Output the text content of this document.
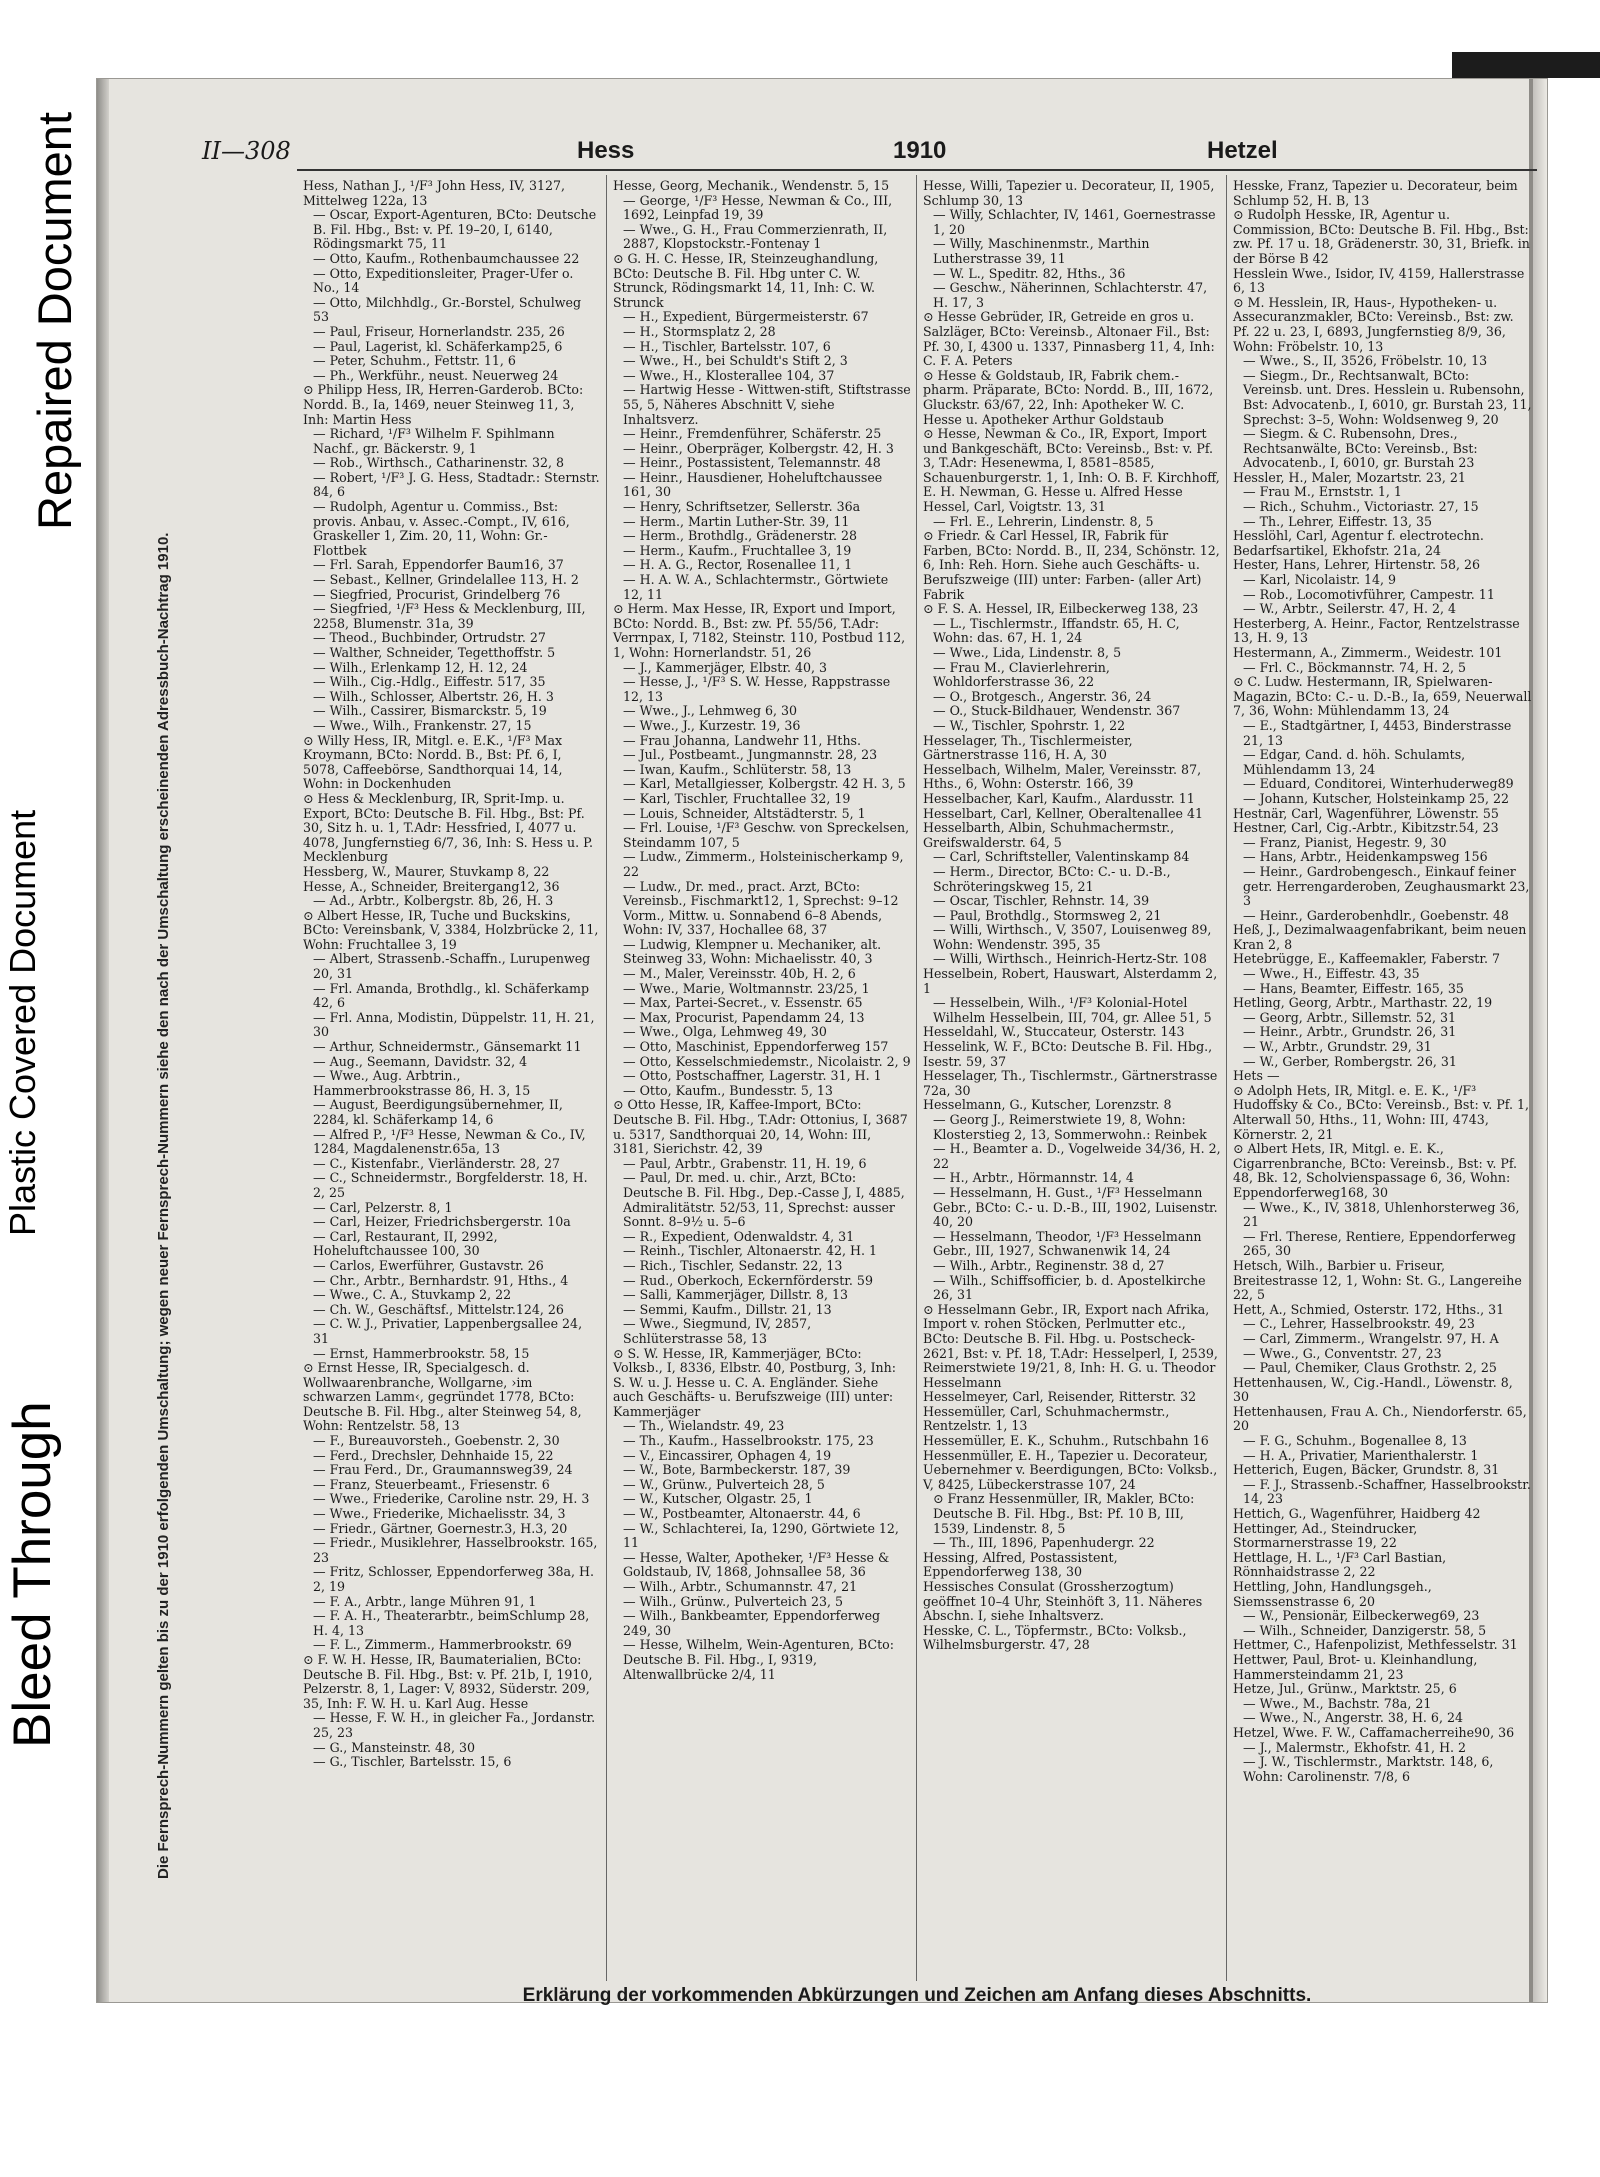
Repaired Document
Plastic Covered Document
Bleed Through	Die Fernsprech-Nummern gelten bis zu der 1910 erfolgenden Umschaltung; wegen neuer Fernsprech-Nummern siehe den nach der Umschaltung erscheinenden Adressbuch-Nachtrag 1910.
II—308	Hess	1910	Hetzel

Hess, Nathan J., ¹/F³ John Hess, IV, 3127, Mittelweg 122a, 13

— Oscar, Export-Agenturen, BCto: Deutsche B. Fil. Hbg., Bst: v. Pf. 19–20, I, 6140, Rödingsmarkt 75, 11

— Otto, Kaufm., Rothenbaumchaussee 22

— Otto, Expeditionsleiter, Prager-Ufer o. No., 14

— Otto, Milchhdlg., Gr.-Borstel, Schulweg 53

— Paul, Friseur, Hornerlandstr. 235, 26

— Paul, Lagerist, kl. Schäferkamp25, 6

— Peter, Schuhm., Fettstr. 11, 6

— Ph., Werkführ., neust. Neuerweg 24

⊙ Philipp Hess, IR, Herren-Garderob. BCto: Nordd. B., Ia, 1469, neuer Steinweg 11, 3, Inh: Martin Hess

— Richard, ¹/F³ Wilhelm F. Spihlmann Nachf., gr. Bäckerstr. 9, 1

— Rob., Wirthsch., Catharinenstr. 32, 8

— Robert, ¹/F³ J. G. Hess, Stadtadr.: Sternstr. 84, 6

— Rudolph, Agentur u. Commiss., Bst: provis. Anbau, v. Assec.-Compt., IV, 616, Graskeller 1, Zim. 20, 11, Wohn: Gr.-Flottbek

— Frl. Sarah, Eppendorfer Baum16, 37

— Sebast., Kellner, Grindelallee 113, H. 2

— Siegfried, Procurist, Grindelberg 76

— Siegfried, ¹/F³ Hess & Mecklenburg, III, 2258, Blumenstr. 31a, 39

— Theod., Buchbinder, Ortrudstr. 27

— Walther, Schneider, Tegetthoffstr. 5

— Wilh., Erlenkamp 12, H. 12, 24

— Wilh., Cig.-Hdlg., Eiffestr. 517, 35

— Wilh., Schlosser, Albertstr. 26, H. 3

— Wilh., Cassirer, Bismarckstr. 5, 19

— Wwe., Wilh., Frankenstr. 27, 15

⊙ Willy Hess, IR, Mitgl. e. E.K., ¹/F³ Max Kroymann, BCto: Nordd. B., Bst: Pf. 6, I, 5078, Caffeebörse, Sandthorquai 14, 14, Wohn: in Dockenhuden

⊙ Hess & Mecklenburg, IR, Sprit-Imp. u. Export, BCto: Deutsche B. Fil. Hbg., Bst: Pf. 30, Sitz h. u. 1, T.Adr: Hessfried, I, 4077 u. 4078, Jungfernstieg 6/7, 36, Inh: S. Hess u. P. Mecklenburg

Hessberg, W., Maurer, Stuvkamp 8, 22

Hesse, A., Schneider, Breitergang12, 36

— Ad., Arbtr., Kolbergstr. 8b, 26, H. 3

⊙ Albert Hesse, IR, Tuche und Buckskins, BCto: Vereinsbank, V, 3384, Holzbrücke 2, 11, Wohn: Fruchtallee 3, 19

— Albert, Strassenb.-Schaffn., Lurupenweg 20, 31

— Frl. Amanda, Brothdlg., kl. Schäferkamp 42, 6

— Frl. Anna, Modistin, Düppelstr. 11, H. 21, 30

— Arthur, Schneidermstr., Gänsemarkt 11

— Aug., Seemann, Davidstr. 32, 4

— Wwe., Aug. Arbtrin., Hammerbrookstrasse 86, H. 3, 15

— August, Beerdigungsübernehmer, II, 2284, kl. Schäferkamp 14, 6

— Alfred P., ¹/F³ Hesse, Newman & Co., IV, 1284, Magdalenenstr.65a, 13

— C., Kistenfabr., Vierländerstr. 28, 27

— C., Schneidermstr., Borgfelderstr. 18, H. 2, 25

— Carl, Pelzerstr. 8, 1

— Carl, Heizer, Friedrichsbergerstr. 10a

— Carl, Restaurant, II, 2992, Hoheluftchaussee 100, 30

— Carlos, Ewerführer, Gustavstr. 26

— Chr., Arbtr., Bernhardstr. 91, Hths., 4

— Wwe., C. A., Stuvkamp 2, 22

— Ch. W., Geschäftsf., Mittelstr.124, 26

— C. W. J., Privatier, Lappenbergsallee 24, 31

— Ernst, Hammerbrookstr. 58, 15

⊙ Ernst Hesse, IR, Specialgesch. d. Wollwaarenbranche, Wollgarne, ›im schwarzen Lamm‹, gegründet 1778, BCto: Deutsche B. Fil. Hbg., alter Steinweg 54, 8, Wohn: Rentzelstr. 58, 13

— F., Bureauvorsteh., Goebenstr. 2, 30

— Ferd., Drechsler, Dehnhaide 15, 22

— Frau Ferd., Dr., Graumannsweg39, 24

— Franz, Steuerbeamt., Friesenstr. 6

— Wwe., Friederike, Caroline nstr. 29, H. 3

— Wwe., Friederike, Michaelisstr. 34, 3

— Friedr., Gärtner, Goernestr.3, H.3, 20

— Friedr., Musiklehrer, Hasselbrookstr. 165, 23

— Fritz, Schlosser, Eppendorferweg 38a, H. 2, 19

— F. A., Arbtr., lange Mühren 91, 1

— F. A. H., Theaterarbtr., beimSchlump 28, H. 4, 13

— F. L., Zimmerm., Hammerbrookstr. 69

⊙ F. W. H. Hesse, IR, Baumaterialien, BCto: Deutsche B. Fil. Hbg., Bst: v. Pf. 21b, I, 1910, Pelzerstr. 8, 1, Lager: V, 8932, Süderstr. 209, 35, Inh: F. W. H. u. Karl Aug. Hesse

— Hesse, F. W. H., in gleicher Fa., Jordanstr. 25, 23

— G., Mansteinstr. 48, 30

— G., Tischler, Bartelsstr. 15, 6

Hesse, Georg, Mechanik., Wendenstr. 5, 15

— George, ¹/F³ Hesse, Newman & Co., III, 1692, Leinpfad 19, 39

— Wwe., G. H., Frau Commerzienrath, II, 2887, Klopstockstr.-Fontenay 1

⊙ G. H. C. Hesse, IR, Steinzeughandlung, BCto: Deutsche B. Fil. Hbg unter C. W. Strunck, Rödingsmarkt 14, 11, Inh: C. W. Strunck

— H., Expedient, Bürgermeisterstr. 67

— H., Stormsplatz 2, 28

— H., Tischler, Bartelsstr. 107, 6

— Wwe., H., bei Schuldt's Stift 2, 3

— Wwe., H., Klosterallee 104, 37

— Hartwig Hesse - Wittwen-stift, Stiftstrasse 55, 5, Näheres Abschnitt V, siehe Inhaltsverz.

— Heinr., Fremdenführer, Schäferstr. 25

— Heinr., Oberpräger, Kolbergstr. 42, H. 3

— Heinr., Postassistent, Telemannstr. 48

— Heinr., Hausdiener, Hoheluftchaussee 161, 30

— Henry, Schriftsetzer, Sellerstr. 36a

— Herm., Martin Luther-Str. 39, 11

— Herm., Brothdlg., Grädenerstr. 28

— Herm., Kaufm., Fruchtallee 3, 19

— H. A. G., Rector, Rosenallee 11, 1

— H. A. W. A., Schlachtermstr., Görtwiete 12, 11

⊙ Herm. Max Hesse, IR, Export und Import, BCto: Nordd. B., Bst: zw. Pf. 55/56, T.Adr: Verrnpax, I, 7182, Steinstr. 110, Postbud 112, 1, Wohn: Hornerlandstr. 51, 26

— J., Kammerjäger, Elbstr. 40, 3

— Hesse, J., ¹/F³ S. W. Hesse, Rappstrasse 12, 13

— Wwe., J., Lehmweg 6, 30

— Wwe., J., Kurzestr. 19, 36

— Frau Johanna, Landwehr 11, Hths.

— Jul., Postbeamt., Jungmannstr. 28, 23

— Iwan, Kaufm., Schlüterstr. 58, 13

— Karl, Metallgiesser, Kolbergstr. 42 H. 3, 5

— Karl, Tischler, Fruchtallee 32, 19

— Louis, Schneider, Altstädterstr. 5, 1

— Frl. Louise, ¹/F³ Geschw. von Spreckelsen, Steindamm 107, 5

— Ludw., Zimmerm., Holsteinischerkamp 9, 22

— Ludw., Dr. med., pract. Arzt, BCto: Vereinsb., Fischmarkt12, 1, Sprechst: 9–12 Vorm., Mittw. u. Sonnabend 6–8 Abends, Wohn: IV, 337, Hochallee 68, 37

— Ludwig, Klempner u. Mechaniker, alt. Steinweg 33, Wohn: Michaelisstr. 40, 3

— M., Maler, Vereinsstr. 40b, H. 2, 6

— Wwe., Marie, Woltmannstr. 23/25, 1

— Max, Partei-Secret., v. Essenstr. 65

— Max, Procurist, Papendamm 24, 13

— Wwe., Olga, Lehmweg 49, 30

— Otto, Maschinist, Eppendorferweg 157

— Otto, Kesselschmiedemstr., Nicolaistr. 2, 9

— Otto, Postschaffner, Lagerstr. 31, H. 1

— Otto, Kaufm., Bundesstr. 5, 13

⊙ Otto Hesse, IR, Kaffee-Import, BCto: Deutsche B. Fil. Hbg., T.Adr: Ottonius, I, 3687 u. 5317, Sandthorquai 20, 14, Wohn: III, 3181, Sierichstr. 42, 39

— Paul, Arbtr., Grabenstr. 11, H. 19, 6

— Paul, Dr. med. u. chir., Arzt, BCto: Deutsche B. Fil. Hbg., Dep.-Casse J, I, 4885, Admiralitätstr. 52/53, 11, Sprechst: ausser Sonnt. 8–9½ u. 5–6

— R., Expedient, Odenwaldstr. 4, 31

— Reinh., Tischler, Altonaerstr. 42, H. 1

— Rich., Tischler, Sedanstr. 22, 13

— Rud., Oberkoch, Eckernförderstr. 59

— Salli, Kammerjäger, Dillstr. 8, 13

— Semmi, Kaufm., Dillstr. 21, 13

— Wwe., Siegmund, IV, 2857, Schlüterstrasse 58, 13

⊙ S. W. Hesse, IR, Kammerjäger, BCto: Volksb., I, 8336, Elbstr. 40, Postburg, 3, Inh: S. W. u. J. Hesse u. C. A. Engländer. Siehe auch Geschäfts- u. Berufszweige (III) unter: Kammerjäger

— Th., Wielandstr. 49, 23

— Th., Kaufm., Hasselbrookstr. 175, 23

— V., Eincassirer, Ophagen 4, 19

— W., Bote, Barmbeckerstr. 187, 39

— W., Grünw., Pulverteich 28, 5

— W., Kutscher, Olgastr. 25, 1

— W., Postbeamter, Altonaerstr. 44, 6

— W., Schlachterei, Ia, 1290, Görtwiete 12, 11

— Hesse, Walter, Apotheker, ¹/F³ Hesse & Goldstaub, IV, 1868, Johnsallee 58, 36

— Wilh., Arbtr., Schumannstr. 47, 21

— Wilh., Grünw., Pulverteich 23, 5

— Wilh., Bankbeamter, Eppendorferweg 249, 30

— Hesse, Wilhelm, Wein-Agenturen, BCto: Deutsche B. Fil. Hbg., I, 9319, Altenwallbrücke 2/4, 11

Hesse, Willi, Tapezier u. Decorateur, II, 1905, Schlump 30, 13

— Willy, Schlachter, IV, 1461, Goernestrasse 1, 20

— Willy, Maschinenmstr., Marthin Lutherstrasse 39, 11

— W. L., Speditr. 82, Hths., 36

— Geschw., Näherinnen, Schlachterstr. 47, H. 17, 3

⊙ Hesse Gebrüder, IR, Getreide en gros u. Salzläger, BCto: Vereinsb., Altonaer Fil., Bst: Pf. 30, I, 4300 u. 1337, Pinnasberg 11, 4, Inh: C. F. A. Peters

⊙ Hesse & Goldstaub, IR, Fabrik chem.-pharm. Präparate, BCto: Nordd. B., III, 1672, Gluckstr. 63/67, 22, Inh: Apotheker W. C. Hesse u. Apotheker Arthur Goldstaub

⊙ Hesse, Newman & Co., IR, Export, Import und Bankgeschäft, BCto: Vereinsb., Bst: v. Pf. 3, T.Adr: Hesenewma, I, 8581–8585, Schauenburgerstr. 1, 1, Inh: O. B. F. Kirchhoff, E. H. Newman, G. Hesse u. Alfred Hesse

Hessel, Carl, Voigtstr. 13, 31

— Frl. E., Lehrerin, Lindenstr. 8, 5

⊙ Friedr. & Carl Hessel, IR, Fabrik für Farben, BCto: Nordd. B., II, 234, Schönstr. 12, 6, Inh: Reh. Horn. Siehe auch Geschäfts- u. Berufszweige (III) unter: Farben- (aller Art) Fabrik

⊙ F. S. A. Hessel, IR, Eilbeckerweg 138, 23

— L., Tischlermstr., Iffandstr. 65, H. C, Wohn: das. 67, H. 1, 24

— Wwe., Lida, Lindenstr. 8, 5

— Frau M., Clavierlehrerin, Wohldorferstrasse 36, 22

— O., Brotgesch., Angerstr. 36, 24

— O., Stuck-Bildhauer, Wendenstr. 367

— W., Tischler, Spohrstr. 1, 22

Hesselager, Th., Tischlermeister, Gärtnerstrasse 116, H. A, 30

Hesselbach, Wilhelm, Maler, Vereinsstr. 87, Hths., 6, Wohn: Osterstr. 166, 39

Hesselbacher, Karl, Kaufm., Alardusstr. 11

Hesselbart, Carl, Kellner, Oberaltenallee 41

Hesselbarth, Albin, Schuhmachermstr., Greifswalderstr. 64, 5

— Carl, Schriftsteller, Valentinskamp 84

— Herm., Director, BCto: C.- u. D.-B., Schröteringskweg 15, 21

— Oscar, Tischler, Rehnstr. 14, 39

— Paul, Brothdlg., Stormsweg 2, 21

— Willi, Wirthsch., V, 3507, Louisenweg 89, Wohn: Wendenstr. 395, 35

— Willi, Wirthsch., Heinrich-Hertz-Str. 108

Hesselbein, Robert, Hauswart, Alsterdamm 2, 1

— Hesselbein, Wilh., ¹/F³ Kolonial-Hotel Wilhelm Hesselbein, III, 704, gr. Allee 51, 5

Hesseldahl, W., Stuccateur, Osterstr. 143

Hesselink, W. F., BCto: Deutsche B. Fil. Hbg., Isestr. 59, 37

Hesselager, Th., Tischlermstr., Gärtnerstrasse 72a, 30

Hesselmann, G., Kutscher, Lorenzstr. 8

— Georg J., Reimerstwiete 19, 8, Wohn: Klosterstieg 2, 13, Sommerwohn.: Reinbek

— H., Beamter a. D., Vogelweide 34/36, H. 2, 22

— H., Arbtr., Hörmannstr. 14, 4

— Hesselmann, H. Gust., ¹/F³ Hesselmann Gebr., BCto: C.- u. D.-B., III, 1902, Luisenstr. 40, 20

— Hesselmann, Theodor, ¹/F³ Hesselmann Gebr., III, 1927, Schwanenwik 14, 24

— Wilh., Arbtr., Reginenstr. 38 d, 27

— Wilh., Schiffsofficier, b. d. Apostelkirche 26, 31

⊙ Hesselmann Gebr., IR, Export nach Afrika, Import v. rohen Stöcken, Perlmutter etc., BCto: Deutsche B. Fil. Hbg. u. Postscheck- 2621, Bst: v. Pf. 18, T.Adr: Hesselperl, I, 2539, Reimerstwiete 19/21, 8, Inh: H. G. u. Theodor Hesselmann

Hesselmeyer, Carl, Reisender, Ritterstr. 32

Hessemüller, Carl, Schuhmachermstr., Rentzelstr. 1, 13

Hessemüller, E. K., Schuhm., Rutschbahn 16

Hessenmüller, E. H., Tapezier u. Decorateur, Uebernehmer v. Beerdigungen, BCto: Volksb., V, 8425, Lübeckerstrasse 107, 24

⊙ Franz Hessenmüller, IR, Makler, BCto: Deutsche B. Fil. Hbg., Bst: Pf. 10 B, III, 1539, Lindenstr. 8, 5

— Th., III, 1896, Papenhudergr. 22

Hessing, Alfred, Postassistent, Eppendorferweg 138, 30

Hessisches Consulat (Grossherzogtum) geöffnet 10–4 Uhr, Steinhöft 3, 11. Näheres Abschn. I, siehe Inhaltsverz.

Hesske, C. L., Töpfermstr., BCto: Volksb., Wilhelmsburgerstr. 47, 28

Hesske, Franz, Tapezier u. Decorateur, beim Schlump 52, H. B, 13

⊙ Rudolph Hesske, IR, Agentur u. Commission, BCto: Deutsche B. Fil. Hbg., Bst: zw. Pf. 17 u. 18, Grädenerstr. 30, 31, Briefk. in der Börse B 42

Hesslein Wwe., Isidor, IV, 4159, Hallerstrasse 6, 13

⊙ M. Hesslein, IR, Haus-, Hypotheken- u. Assecuranzmakler, BCto: Vereinsb., Bst: zw. Pf. 22 u. 23, I, 6893, Jungfernstieg 8/9, 36, Wohn: Fröbelstr. 10, 13

— Wwe., S., II, 3526, Fröbelstr. 10, 13

— Siegm., Dr., Rechtsanwalt, BCto: Vereinsb. unt. Dres. Hesslein u. Rubensohn, Bst: Advocatenb., I, 6010, gr. Burstah 23, 11, Sprechst: 3–5, Wohn: Woldsenweg 9, 20

— Siegm. & C. Rubensohn, Dres., Rechtsanwälte, BCto: Vereinsb., Bst: Advocatenb., I, 6010, gr. Burstah 23

Hessler, H., Maler, Mozartstr. 23, 21

— Frau M., Ernststr. 1, 1

— Rich., Schuhm., Victoriastr. 27, 15

— Th., Lehrer, Eiffestr. 13, 35

Hesslöhl, Carl, Agentur f. electrotechn. Bedarfsartikel, Ekhofstr. 21a, 24

Hester, Hans, Lehrer, Hirtenstr. 58, 26

— Karl, Nicolaistr. 14, 9

— Rob., Locomotivführer, Campestr. 11

— W., Arbtr., Seilerstr. 47, H. 2, 4

Hesterberg, A. Heinr., Factor, Rentzelstrasse 13, H. 9, 13

Hestermann, A., Zimmerm., Weidestr. 101

— Frl. C., Böckmannstr. 74, H. 2, 5

⊙ C. Ludw. Hestermann, IR, Spielwaren-Magazin, BCto: C.- u. D.-B., Ia, 659, Neuerwall 7, 36, Wohn: Mühlendamm 13, 24

— E., Stadtgärtner, I, 4453, Binderstrasse 21, 13

— Edgar, Cand. d. höh. Schulamts, Mühlendamm 13, 24

— Eduard, Conditorei, Winterhuderweg89

— Johann, Kutscher, Holsteinkamp 25, 22

Hestnär, Carl, Wagenführer, Löwenstr. 55

Hestner, Carl, Cig.-Arbtr., Kibitzstr.54, 23

— Franz, Pianist, Hegestr. 9, 30

— Hans, Arbtr., Heidenkampsweg 156

— Heinr., Gardrobengesch., Einkauf feiner getr. Herrengarderoben, Zeughausmarkt 23, 3

— Heinr., Garderobenhdlr., Goebenstr. 48

Heß, J., Dezimalwaagenfabrikant, beim neuen Kran 2, 8

Hetebrügge, E., Kaffeemakler, Faberstr. 7

— Wwe., H., Eiffestr. 43, 35

— Hans, Beamter, Eiffestr. 165, 35

Hetling, Georg, Arbtr., Marthastr. 22, 19

— Georg, Arbtr., Sillemstr. 52, 31

— Heinr., Arbtr., Grundstr. 26, 31

— W., Arbtr., Grundstr. 29, 31

— W., Gerber, Rombergstr. 26, 31

Hets —

⊙ Adolph Hets, IR, Mitgl. e. E. K., ¹/F³ Hudoffsky & Co., BCto: Vereinsb., Bst: v. Pf. 1, Alterwall 50, Hths., 11, Wohn: III, 4743, Körnerstr. 2, 21

⊙ Albert Hets, IR, Mitgl. e. E. K., Cigarrenbranche, BCto: Vereinsb., Bst: v. Pf. 48, Bk. 12, Scholvienspassage 6, 36, Wohn: Eppendorferweg168, 30

— Wwe., K., IV, 3818, Uhlenhorsterweg 36, 21

— Frl. Therese, Rentiere, Eppendorferweg 265, 30

Hetsch, Wilh., Barbier u. Friseur, Breitestrasse 12, 1, Wohn: St. G., Langereihe 22, 5

Hett, A., Schmied, Osterstr. 172, Hths., 31

— C., Lehrer, Hasselbrookstr. 49, 23

— Carl, Zimmerm., Wrangelstr. 97, H. A

— Wwe., G., Conventstr. 27, 23

— Paul, Chemiker, Claus Grothstr. 2, 25

Hettenhausen, W., Cig.-Handl., Löwenstr. 8, 30

Hettenhausen, Frau A. Ch., Niendorferstr. 65, 20

— F. G., Schuhm., Bogenallee 8, 13

— H. A., Privatier, Marienthalerstr. 1

Hetterich, Eugen, Bäcker, Grundstr. 8, 31

— F. J., Strassenb.-Schaffner, Hasselbrookstr. 14, 23

Hettich, G., Wagenführer, Haidberg 42

Hettinger, Ad., Steindrucker, Stormarnerstrasse 19, 22

Hettlage, H. L., ¹/F³ Carl Bastian, Rönnhaidstrasse 2, 22

Hettling, John, Handlungsgeh., Siemssenstrasse 6, 20

— W., Pensionär, Eilbeckerweg69, 23

— Wilh., Schneider, Danzigerstr. 58, 5

Hettmer, C., Hafenpolizist, Methfesselstr. 31

Hettwer, Paul, Brot- u. Kleinhandlung, Hammersteindamm 21, 23

Hetze, Jul., Grünw., Marktstr. 25, 6

— Wwe., M., Bachstr. 78a, 21

— Wwe., N., Angerstr. 38, H. 6, 24

Hetzel, Wwe. F. W., Caffamacherreihe90, 36

— J., Malermstr., Ekhofstr. 41, H. 2

— J. W., Tischlermstr., Marktstr. 148, 6, Wohn: Carolinenstr. 7/8, 6

Erklärung der vorkommenden Abkürzungen und Zeichen am Anfang dieses Abschnitts.
